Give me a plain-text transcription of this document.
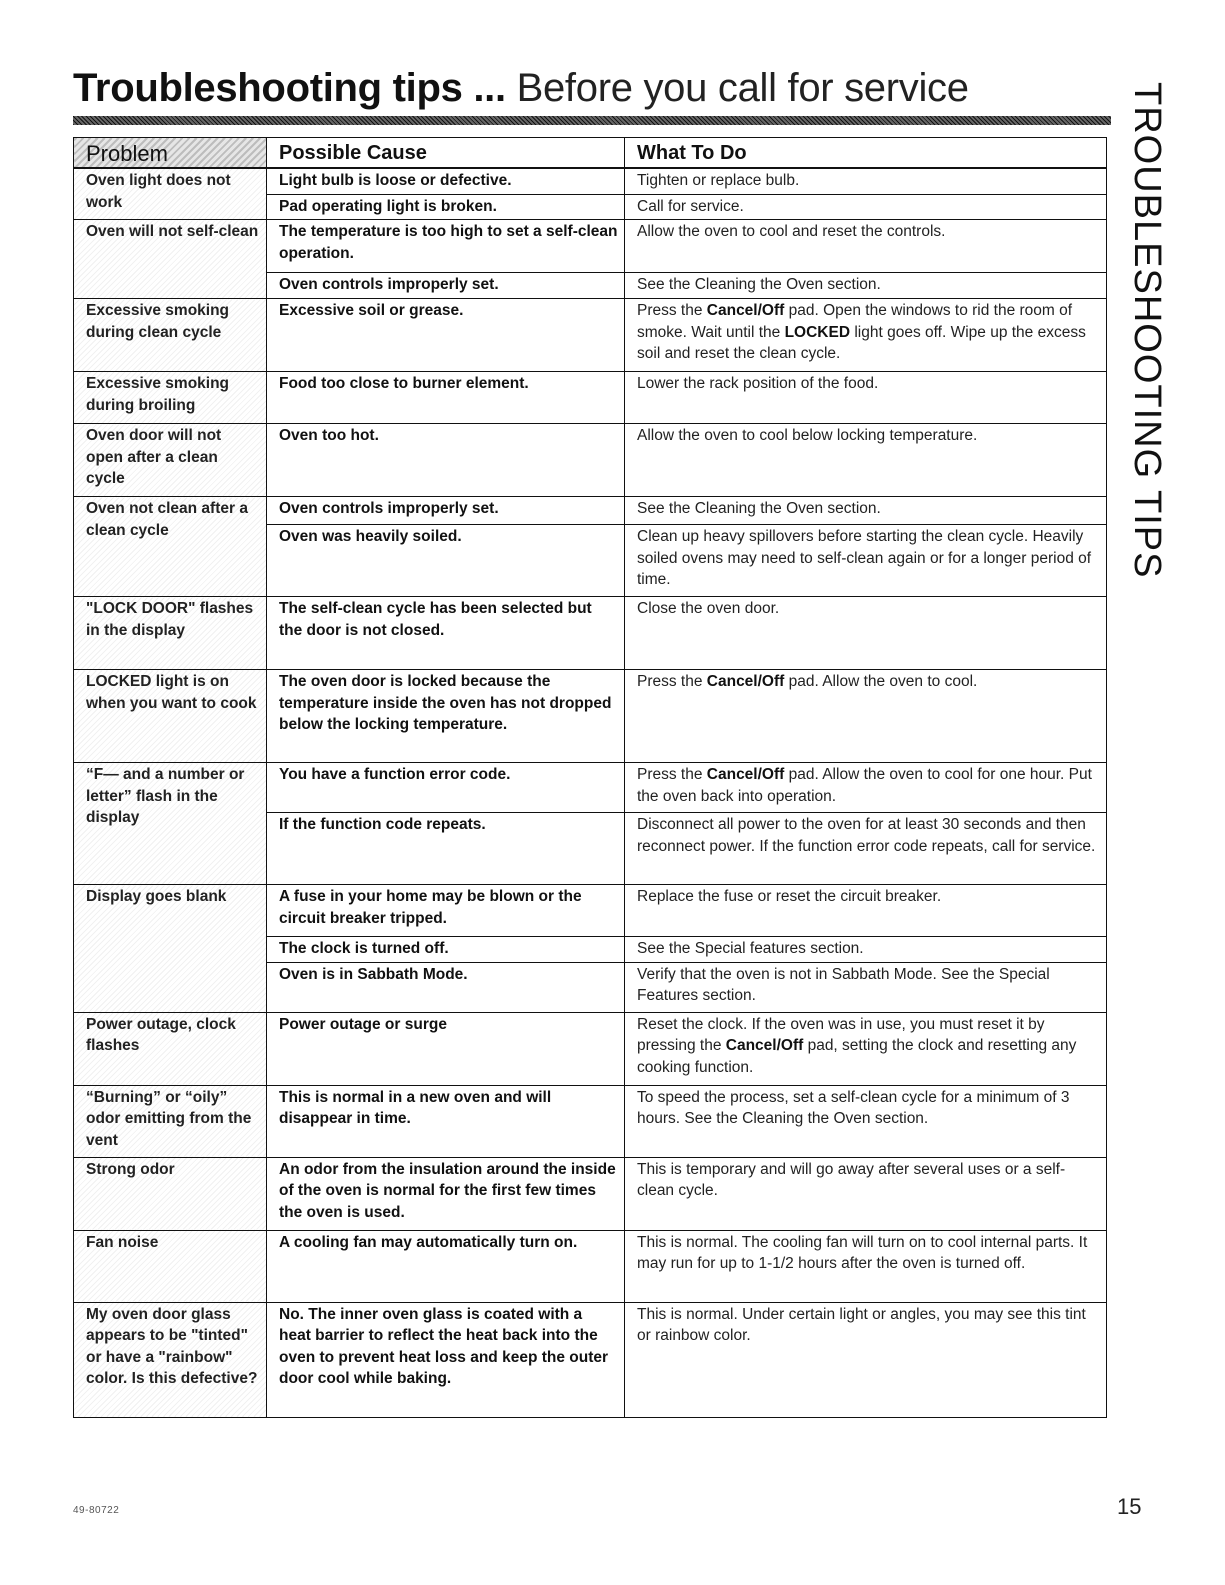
Troubleshooting tips ... Before you call for service	TROUBLESHOOTING TIPS
Problem	Possible Cause	What To Do
Oven light does not work	Light bulb is loose or defective.	Tighten or replace bulb.
	Pad operating light is broken.	Call for service.
Oven will not self-clean	The temperature is too high to set a self-clean operation.	Allow the oven to cool and reset the controls.
	Oven controls improperly set.	See the Cleaning the Oven section.
Excessive smoking during clean cycle	Excessive soil or grease.	Press the Cancel/Off pad. Open the windows to rid the room of smoke. Wait until the LOCKED light goes off. Wipe up the excess soil and reset the clean cycle.
Excessive smoking during broiling	Food too close to burner element.	Lower the rack position of the food.
Oven door will not open after a clean cycle	Oven too hot.	Allow the oven to cool below locking temperature.
Oven not clean after a clean cycle	Oven controls improperly set.	See the Cleaning the Oven section.
	Oven was heavily soiled.	Clean up heavy spillovers before starting the clean cycle. Heavily soiled ovens may need to self-clean again or for a longer period of time.
"LOCK DOOR" flashes in the display	The self-clean cycle has been selected but the door is not closed.	Close the oven door.
LOCKED light is on when you want to cook	The oven door is locked because the temperature inside the oven has not dropped below the locking temperature.	Press the Cancel/Off pad. Allow the oven to cool.
“F— and a number or letter” flash in the display	You have a function error code.	Press the Cancel/Off pad. Allow the oven to cool for one hour. Put the oven back into operation.
	If the function code repeats.	Disconnect all power to the oven for at least 30 seconds and then reconnect power. If the function error code repeats, call for service.
Display goes blank	A fuse in your home may be blown or the circuit breaker tripped.	Replace the fuse or reset the circuit breaker.
	The clock is turned off.	See the Special features section.
	Oven is in Sabbath Mode.	Verify that the oven is not in Sabbath Mode. See the Special Features section.
Power outage, clock flashes	Power outage or surge	Reset the clock. If the oven was in use, you must reset it by pressing the Cancel/Off pad, setting the clock and resetting any cooking function.
“Burning” or “oily” odor emitting from the vent	This is normal in a new oven and will disappear in time.	To speed the process, set a self-clean cycle for a minimum of 3 hours. See the Cleaning the Oven section.
Strong odor	An odor from the insulation around the inside of the oven is normal for the first few times the oven is used.	This is temporary and will go away after several uses or a self-clean cycle.
Fan noise	A cooling fan may automatically turn on.	This is normal. The cooling fan will turn on to cool internal parts. It may run for up to 1-1/2 hours after the oven is turned off.
My oven door glass appears to be "tinted" or have a "rainbow" color. Is this defective?	No. The inner oven glass is coated with a heat barrier to reflect the heat back into the oven to prevent heat loss and keep the outer door cool while baking.	This is normal. Under certain light or angles, you may see this tint or rainbow color.
49-80722	15
